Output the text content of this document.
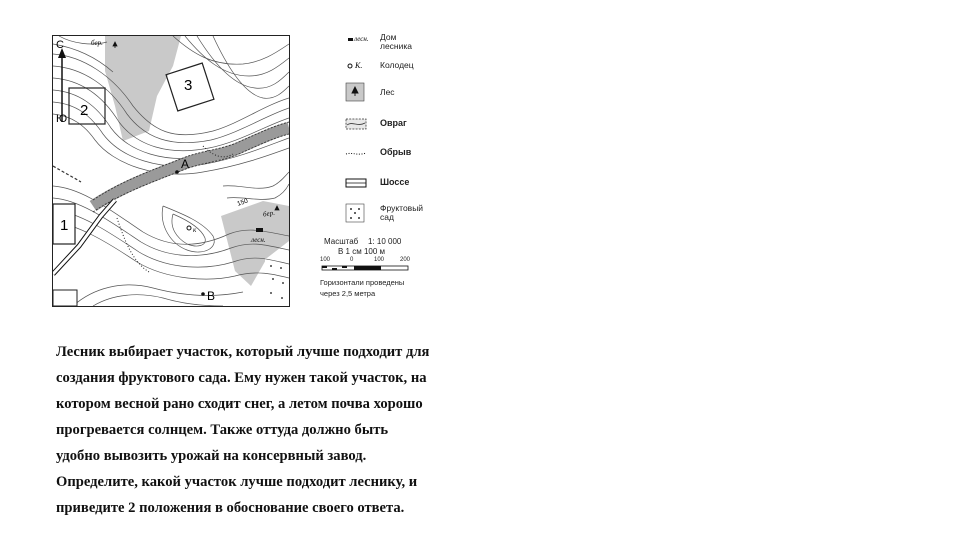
С
Ю
1
2
3
А
В
бер.
бер.
лесн.
к
150
лесн. Дом лесника
К. Колодец
Лес
Овраг
Обрыв
Шоссе
Фруктовый сад
Масштаб 1: 10 000
В 1 см 100 м
100	0	100	200
Горизонтали проведены
через 2,5 метра
Лесник выбирает участок, который лучше подходит для
создания фруктового сада. Ему нужен такой участок, на
котором весной рано сходит снег, а летом почва хорошо
прогревается солнцем. Также оттуда должно быть
удобно вывозить урожай на консервный завод.
Определите, какой участок лучше подходит леснику, и
приведите 2 положения в обоснование своего ответа.
